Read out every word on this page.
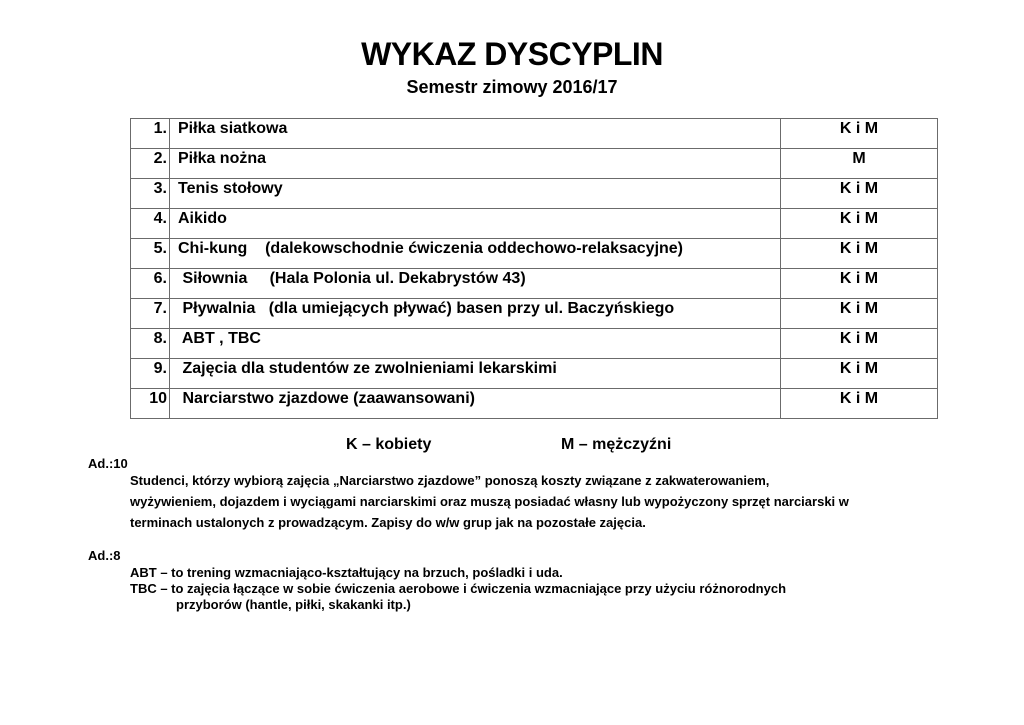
WYKAZ DYSCYPLIN
Semestr zimowy 2016/17
1.	Piłka siatkowa	K i M
2.	Piłka nożna	M
3.	Tenis stołowy	K i M
4.	Aikido	K i M
5.	Chi-kung    (dalekowschodnie ćwiczenia oddechowo-relaksacyjne)	K i M
6.	Siłownia     (Hala Polonia ul. Dekabrystów 43)	K i M
7.	Pływalnia   (dla umiejących pływać) basen przy ul. Baczyńskiego	K i M
8.	ABT , TBC	K i M
9.	Zajęcia dla studentów ze zwolnieniami lekarskimi	K i M
10	Narciarstwo zjazdowe (zaawansowani)	K i M
K – kobiety	M – mężczyźni
Ad.:10
Studenci, którzy wybiorą zajęcia „Narciarstwo zjazdowe” ponoszą koszty związane z zakwaterowaniem,
wyżywieniem, dojazdem i wyciągami narciarskimi oraz muszą posiadać własny lub wypożyczony sprzęt narciarski w
terminach ustalonych z prowadzącym. Zapisy do w/w grup jak na pozostałe zajęcia.
Ad.:8
ABT – to trening wzmacniająco-kształtujący na brzuch, pośladki i uda.
TBC – to zajęcia łączące w sobie ćwiczenia aerobowe i ćwiczenia wzmacniające przy użyciu różnorodnych
przyborów (hantle, piłki, skakanki itp.)
